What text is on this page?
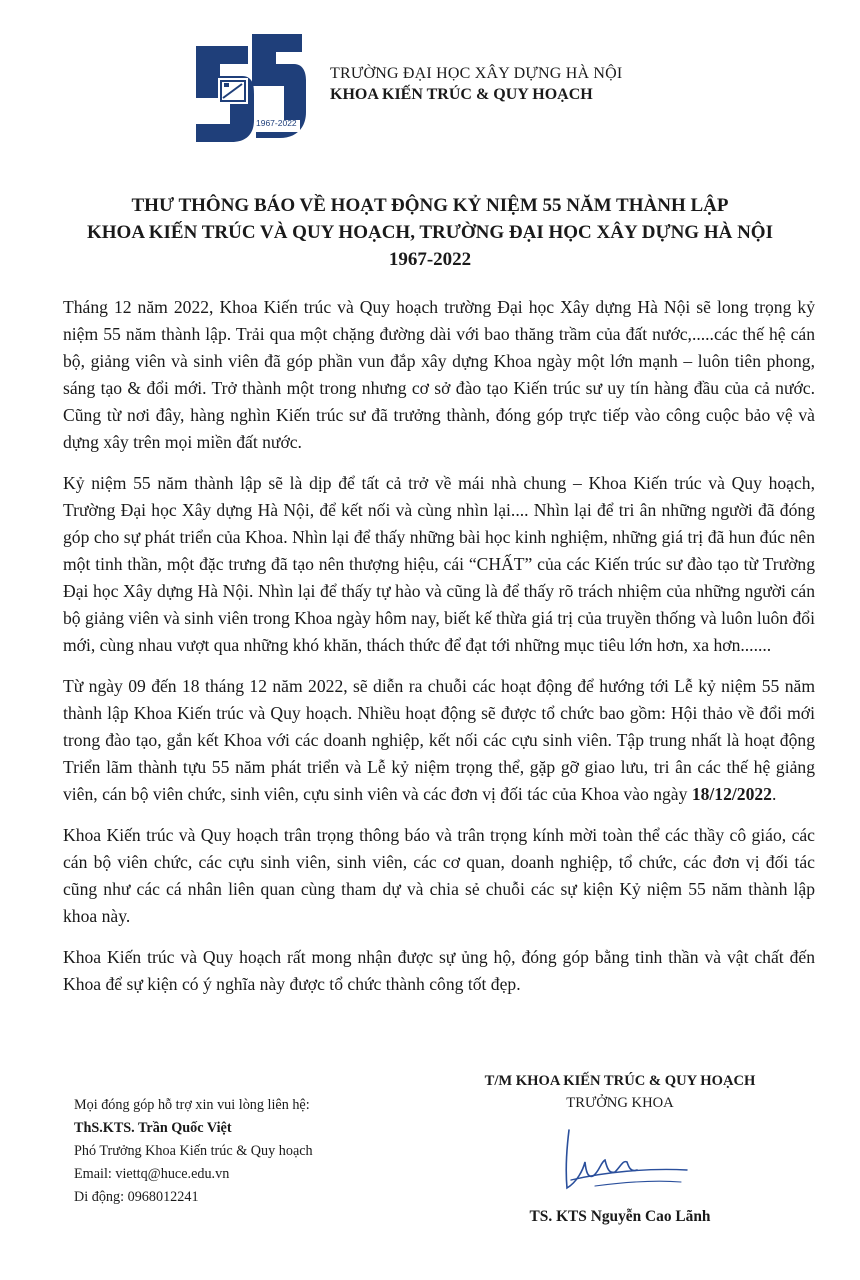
1967-2022
TRƯỜNG ĐẠI HỌC XÂY DỰNG HÀ NỘI
KHOA KIẾN TRÚC & QUY HOẠCH
THƯ THÔNG BÁO VỀ HOẠT ĐỘNG KỶ NIỆM 55 NĂM THÀNH LẬP
KHOA KIẾN TRÚC VÀ QUY HOẠCH, TRƯỜNG ĐẠI HỌC XÂY DỰNG HÀ NỘI
1967-2022

Tháng 12 năm 2022, Khoa Kiến trúc và Quy hoạch trường Đại học Xây dựng Hà Nội sẽ long trọng kỷ niệm 55 năm thành lập. Trải qua một chặng đường dài với bao thăng trầm của đất nước,.....các thế hệ cán bộ, giảng viên và sinh viên đã góp phần vun đắp xây dựng Khoa ngày một lớn mạnh – luôn tiên phong, sáng tạo & đổi mới. Trở thành một trong nhưng cơ sở đào tạo Kiến trúc sư uy tín hàng đầu của cả nước. Cũng từ nơi đây, hàng nghìn Kiến trúc sư đã trưởng thành, đóng góp trực tiếp vào công cuộc bảo vệ và dựng xây trên mọi miền đất nước.

Kỷ niệm 55 năm thành lập sẽ là dịp để tất cả trở về mái nhà chung – Khoa Kiến trúc và Quy hoạch, Trường Đại học Xây dựng Hà Nội, để kết nối và cùng nhìn lại.... Nhìn lại để tri ân những người đã đóng góp cho sự phát triển của Khoa. Nhìn lại để thấy những bài học kinh nghiệm, những giá trị đã hun đúc nên một tinh thần, một đặc trưng đã tạo nên thượng hiệu, cái “CHẤT” của các Kiến trúc sư đào tạo từ Trường Đại học Xây dựng Hà Nội. Nhìn lại để thấy tự hào và cũng là để thấy rõ trách nhiệm của những người cán bộ giảng viên và sinh viên trong Khoa ngày hôm nay, biết kế thừa giá trị của truyền thống và luôn luôn đổi mới, cùng nhau vượt qua những khó khăn, thách thức để đạt tới những mục tiêu lớn hơn, xa hơn.......

Từ ngày 09 đến 18 tháng 12 năm 2022, sẽ diễn ra chuỗi các hoạt động để hướng tới Lễ kỷ niệm 55 năm thành lập Khoa Kiến trúc và Quy hoạch. Nhiều hoạt động sẽ được tổ chức bao gồm: Hội thảo về đổi mới trong đào tạo, gắn kết Khoa với các doanh nghiệp, kết nối các cựu sinh viên. Tập trung nhất là hoạt động Triển lãm thành tựu 55 năm phát triển và Lễ kỷ niệm trọng thể, gặp gỡ giao lưu, tri ân các thế hệ giảng viên, cán bộ viên chức, sinh viên, cựu sinh viên và các đơn vị đối tác của Khoa vào ngày 18/12/2022.

Khoa Kiến trúc và Quy hoạch trân trọng thông báo và trân trọng kính mời toàn thể các thầy cô giáo, các cán bộ viên chức, các cựu sinh viên, sinh viên, các cơ quan, doanh nghiệp, tổ chức, các đơn vị đối tác cũng như các cá nhân liên quan cùng tham dự và chia sẻ chuỗi các sự kiện Kỷ niệm 55 năm thành lập khoa này.

Khoa Kiến trúc và Quy hoạch rất mong nhận được sự ủng hộ, đóng góp bằng tinh thần và vật chất đến Khoa để sự kiện có ý nghĩa này được tổ chức thành công tốt đẹp.

Mọi đóng góp hỗ trợ xin vui lòng liên hệ:
ThS.KTS. Trần Quốc Việt
Phó Trưởng Khoa Kiến trúc & Quy hoạch
Email: viettq@huce.edu.vn
Di động: 0968012241
T/M KHOA KIẾN TRÚC & QUY HOẠCH
TRƯỞNG KHOA
TS. KTS Nguyễn Cao Lãnh
